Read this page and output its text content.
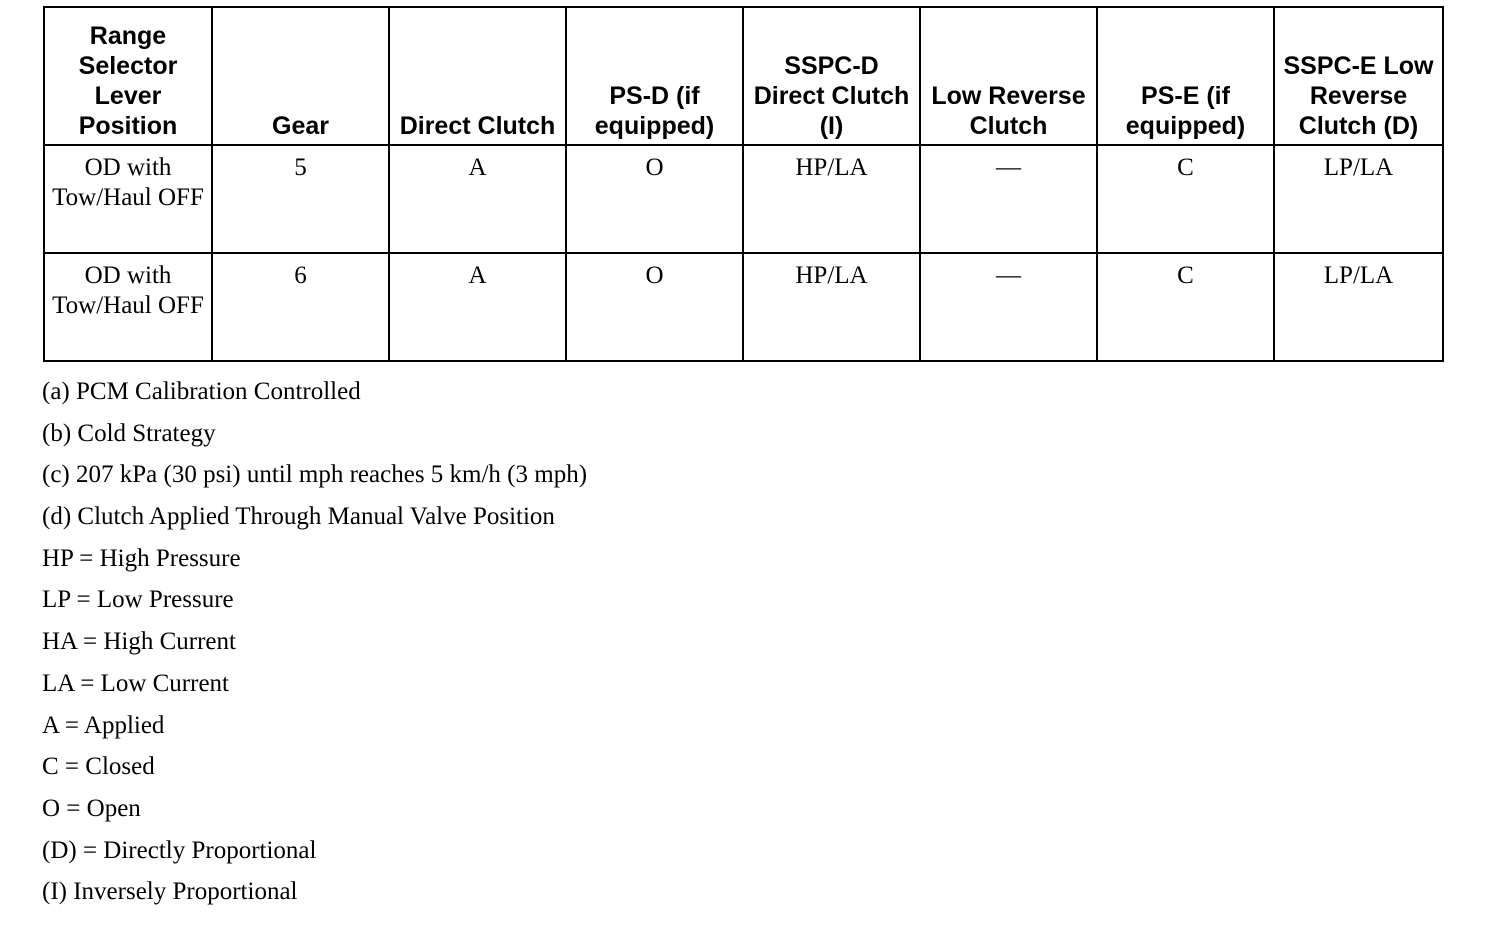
Range Selector Lever Position	Gear	Direct Clutch	PS-D (if equipped)	SSPC-D Direct Clutch (I)	Low Reverse Clutch	PS-E (if equipped)	SSPC-E Low Reverse Clutch (D)
OD with Tow/Haul OFF	5	A	O	HP/LA	—	C	LP/LA
OD with Tow/Haul OFF	6	A	O	HP/LA	—	C	LP/LA
(a) PCM Calibration Controlled
(b) Cold Strategy
(c) 207 kPa (30 psi) until mph reaches 5 km/h (3 mph)
(d) Clutch Applied Through Manual Valve Position
HP = High Pressure
LP = Low Pressure
HA = High Current
LA = Low Current
A = Applied
C = Closed
O = Open
(D) = Directly Proportional
(I) Inversely Proportional
